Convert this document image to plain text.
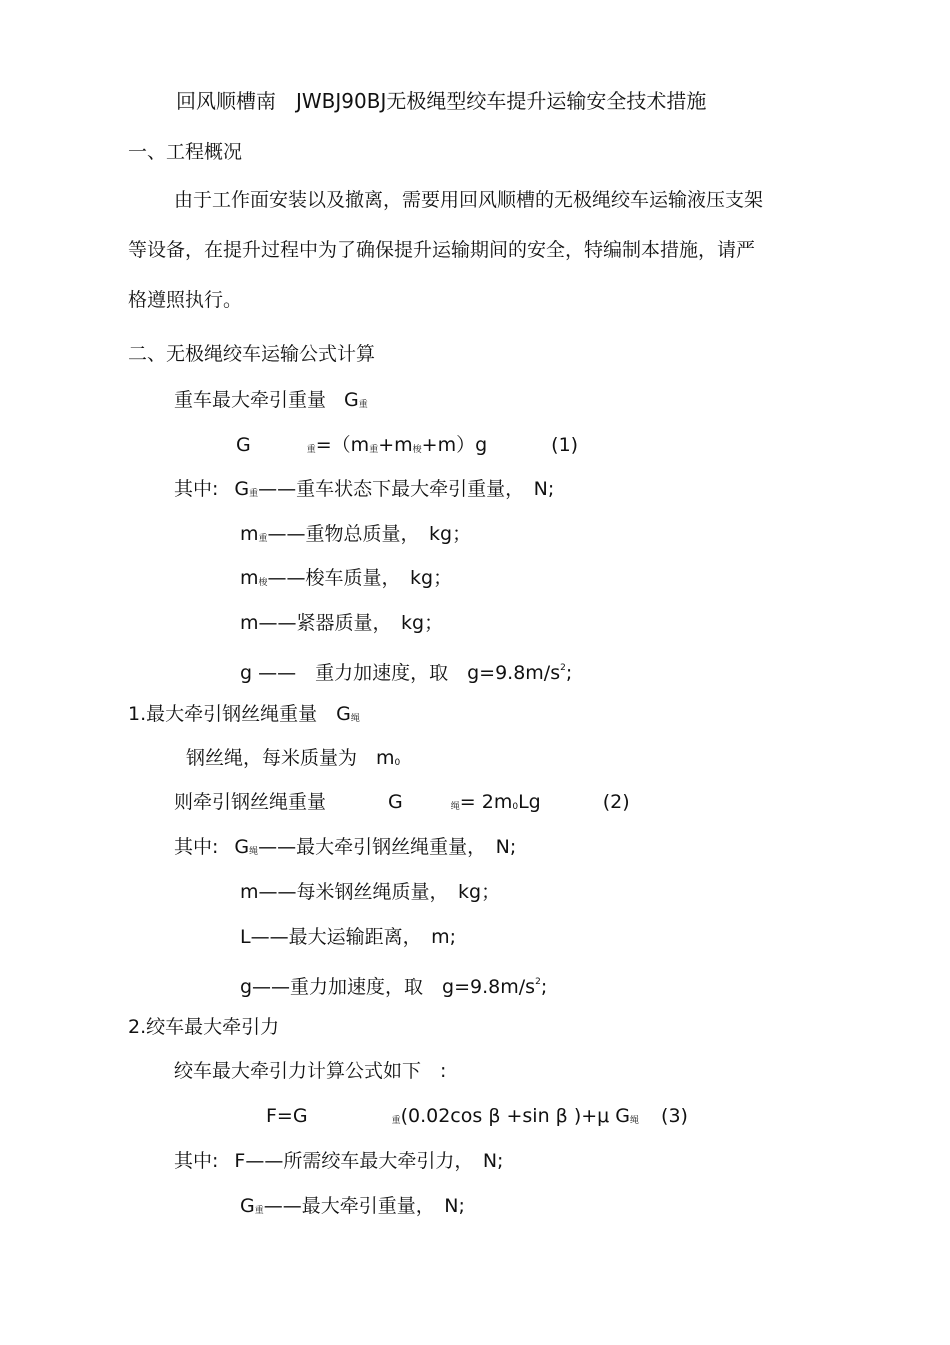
回风顺槽南　JWBJ90BJ无极绳型绞车提升运输安全技术措施
一、工程概况
由于工作面安装以及撤离，需要用回风顺槽的无极绳绞车运输液压支架
等设备，在提升过程中为了确保提升运输期间的安全，特编制本措施，请严
格遵照执行。
二、无极绳绞车运输公式计算
重车最大牵引重量 G重
G	重=（m重+m梭+m）g	(1)
其中: G重——重车状态下最大牵引重量，　N;
m重——重物总质量，　kg；
m梭——梭车质量，　kg；
m——紧器质量，　kg；
g ——　重力加速度，取　$g=9.8m/s^2$;
1.最大牵引钢丝绳重量　G绳
钢丝绳，每米质量为　m0
则牵引钢丝绳重量	G	绳= 2m0Lg	(2)
其中: G绳——最大牵引钢丝绳重量，　N;
m——每米钢丝绳质量，　kg；
L——最大运输距离，　m;
g——重力加速度，取　$g=9.8m/s^2$;
2.绞车最大牵引力
绞车最大牵引力计算公式如下　:
F=G	重(0.02cos β +sin β )+μ G绳 (3)
其中: F——所需绞车最大牵引力，　N;
G重——最大牵引重量，　N;
